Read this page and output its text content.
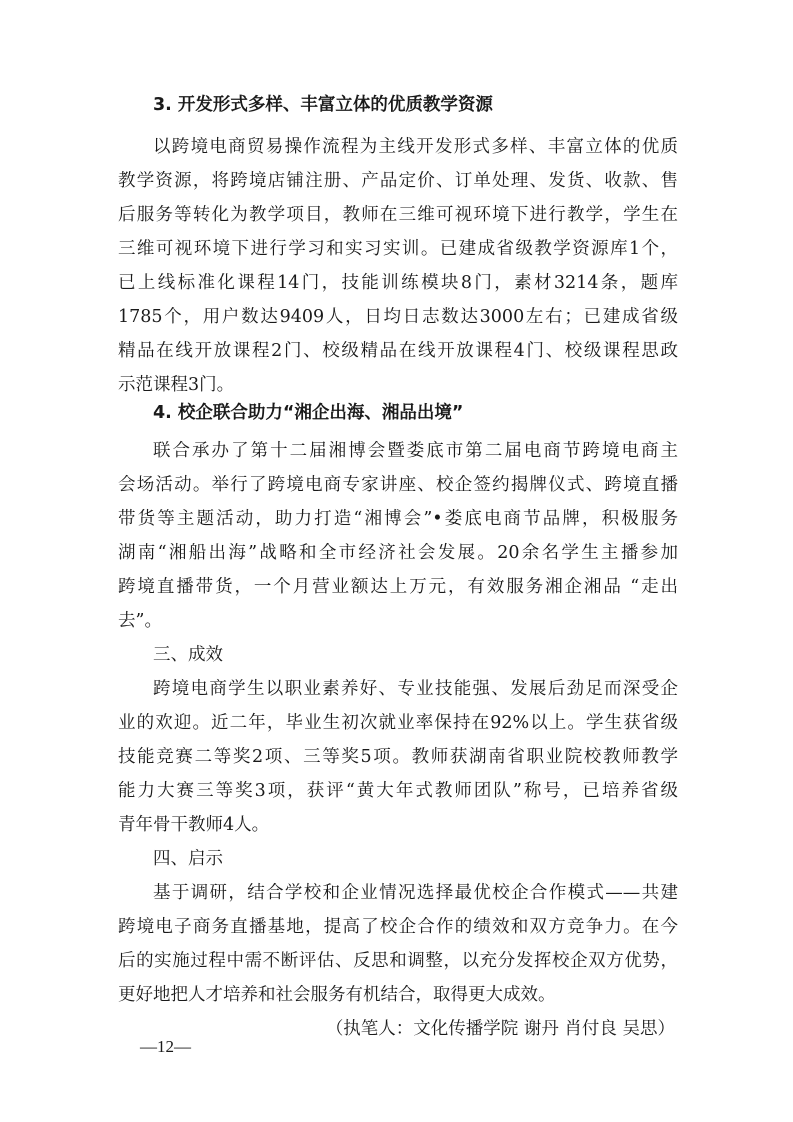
3. 开发形式多样、丰富立体的优质教学资源
以跨境电商贸易操作流程为主线开发形式多样、丰富立体的优质
教学资源，将跨境店铺注册、产品定价、订单处理、发货、收款、售
后服务等转化为教学项目，教师在三维可视环境下进行教学，学生在
三维可视环境下进行学习和实习实训。已建成省级教学资源库1个，
已上线标准化课程14门，技能训练模块8门，素材3214条，题库
1785个，用户数达9409人，日均日志数达3000左右；已建成省级
精品在线开放课程2门、校级精品在线开放课程4门、校级课程思政
示范课程3门。
4. 校企联合助力“湘企出海、湘品出境”
联合承办了第十二届湘博会暨娄底市第二届电商节跨境电商主
会场活动。举行了跨境电商专家讲座、校企签约揭牌仪式、跨境直播
带货等主题活动，助力打造“湘博会”•娄底电商节品牌，积极服务
湖南“湘船出海”战略和全市经济社会发展。20余名学生主播参加
跨境直播带货，一个月营业额达上万元，有效服务湘企湘品 “走出
去”。
三、成效
跨境电商学生以职业素养好、专业技能强、发展后劲足而深受企
业的欢迎。近二年，毕业生初次就业率保持在92%以上。学生获省级
技能竞赛二等奖2项、三等奖5项。教师获湖南省职业院校教师教学
能力大赛三等奖3项，获评“黄大年式教师团队”称号，已培养省级
青年骨干教师4人。
四、启示
基于调研，结合学校和企业情况选择最优校企合作模式——共建
跨境电子商务直播基地，提高了校企合作的绩效和双方竞争力。在今
后的实施过程中需不断评估、反思和调整，以充分发挥校企双方优势，
更好地把人才培养和社会服务有机结合，取得更大成效。
（执笔人：文化传播学院 谢丹 肖付良 吴思）
—12—
